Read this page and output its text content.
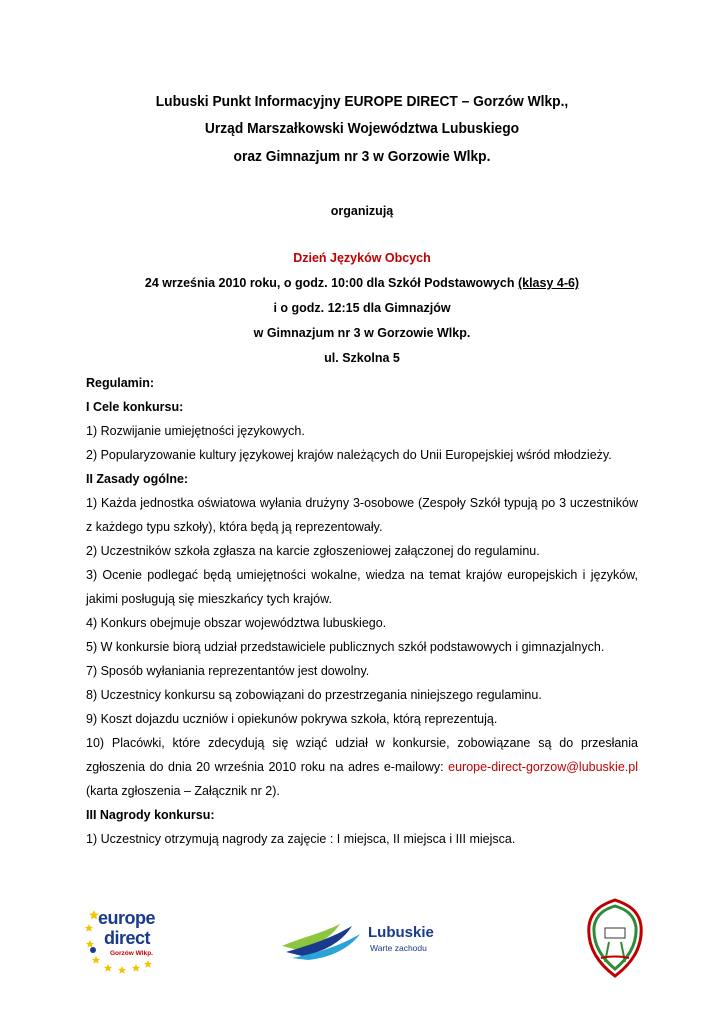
Lubuski Punkt Informacyjny EUROPE DIRECT – Gorzów Wlkp.,
Urząd Marszałkowski Województwa Lubuskiego
oraz Gimnazjum nr 3 w Gorzowie Wlkp.
organizują
Dzień Języków Obcych
24 września 2010 roku, o godz. 10:00 dla Szkół Podstawowych (klasy 4-6)
i o godz. 12:15 dla Gimnazjów
w Gimnazjum nr 3 w Gorzowie Wlkp.
ul. Szkolna 5

Regulamin:

I Cele konkursu:

1) Rozwijanie umiejętności językowych.

2) Popularyzowanie kultury językowej krajów należących do Unii Europejskiej wśród młodzieży.

II Zasady ogólne:

1) Każda jednostka oświatowa wyłania drużyny 3-osobowe (Zespoły Szkół typują po 3 uczestników z każdego typu szkoły), która będą ją reprezentowały.

2) Uczestników szkoła zgłasza na karcie zgłoszeniowej załączonej do regulaminu.

3) Ocenie podlegać będą umiejętności wokalne, wiedza na temat krajów europejskich i języków, jakimi posługują się mieszkańcy tych krajów.

4) Konkurs obejmuje obszar województwa lubuskiego.

5) W konkursie biorą udział przedstawiciele publicznych szkół podstawowych i gimnazjalnych.

7) Sposób wyłaniania reprezentantów jest dowolny.

8) Uczestnicy konkursu są zobowiązani do przestrzegania niniejszego regulaminu.

9) Koszt dojazdu uczniów i opiekunów pokrywa szkoła, którą reprezentują.

10) Placówki, które zdecydują się wziąć udział w konkursie, zobowiązane są do przesłania zgłoszenia do dnia 20 września 2010 roku na adres e-mailowy: europe-direct-gorzow@lubuskie.pl (karta zgłoszenia – Załącznik nr 2).

III Nagrody konkursu:

1) Uczestnicy otrzymują nagrody za zajęcie : I miejsca, II miejsca i III miejsca.

europe
direct
Gorzów Wlkp.
Lubuskie
Warte zachodu
